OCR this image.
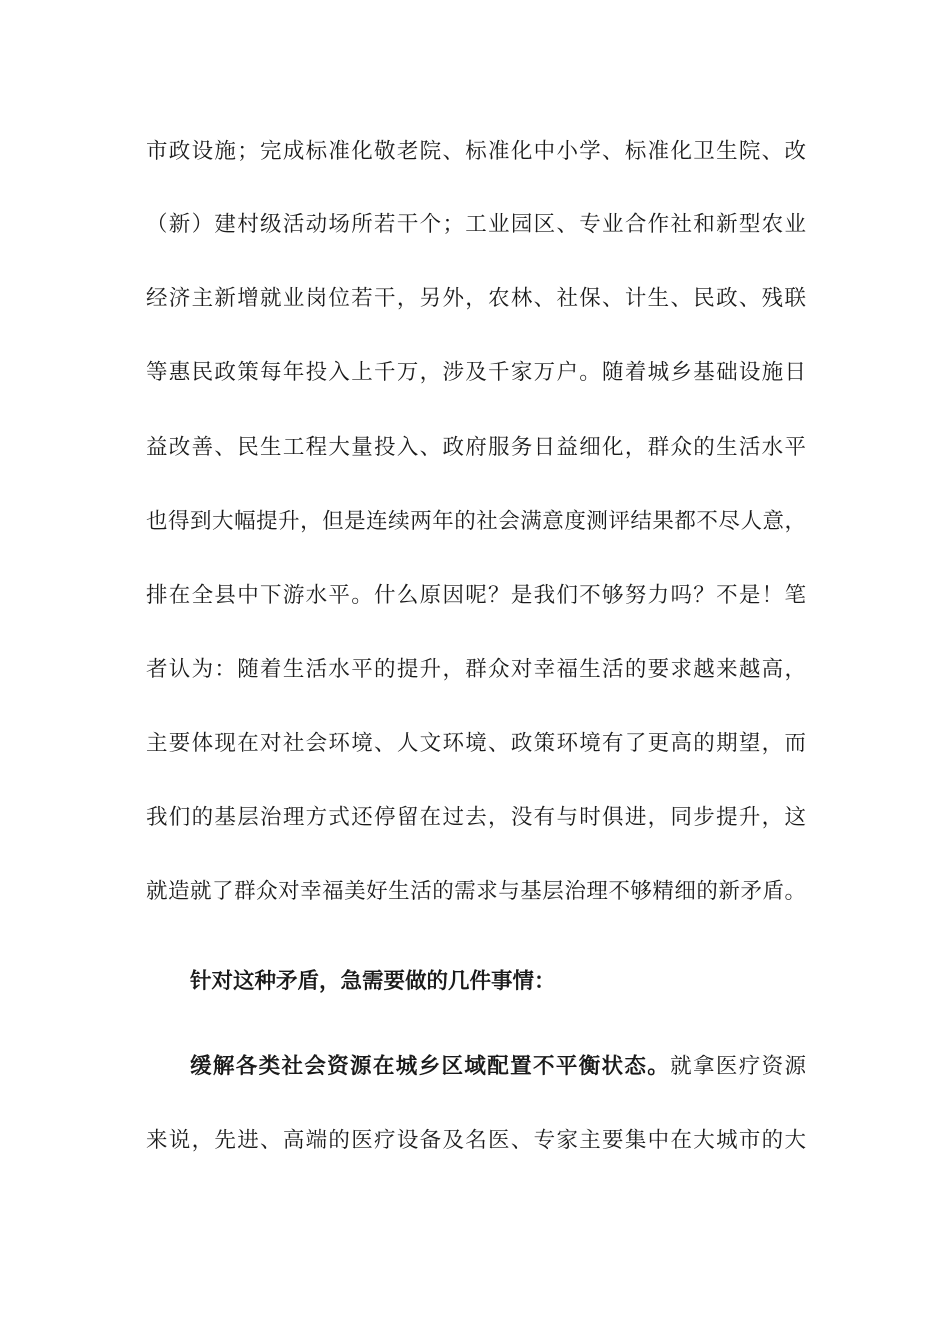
市政设施；完成标准化敬老院、标准化中小学、标准化卫生院、改
（新）建村级活动场所若干个；工业园区、专业合作社和新型农业
经济主新增就业岗位若干，另外，农林、社保、计生、民政、残联
等惠民政策每年投入上千万，涉及千家万户。随着城乡基础设施日
益改善、民生工程大量投入、政府服务日益细化，群众的生活水平
也得到大幅提升，但是连续两年的社会满意度测评结果都不尽人意，
排在全县中下游水平。什么原因呢？是我们不够努力吗？不是！笔
者认为：随着生活水平的提升，群众对幸福生活的要求越来越高，
主要体现在对社会环境、人文环境、政策环境有了更高的期望，而
我们的基层治理方式还停留在过去，没有与时俱进，同步提升，这
就造就了群众对幸福美好生活的需求与基层治理不够精细的新矛盾。
针对这种矛盾，急需要做的几件事情：
缓解各类社会资源在城乡区域配置不平衡状态。就拿医疗资源
来说，先进、高端的医疗设备及名医、专家主要集中在大城市的大
